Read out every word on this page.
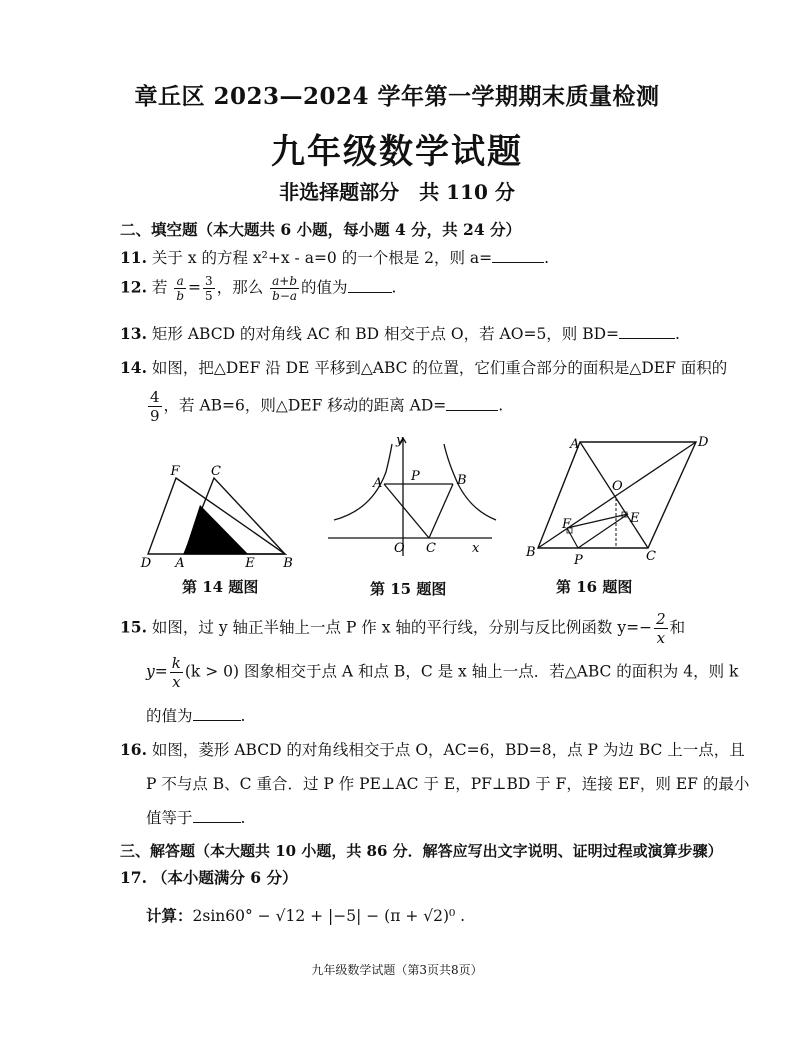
章丘区 2023—2024 学年第一学期期末质量检测
九年级数学试题
非选择题部分　共 110 分
二、填空题（本大题共 6 小题，每小题 4 分，共 24 分）
11. 关于 x 的方程 x²+x - a=0 的一个根是 2，则 a=	.
12. 若 $\frac{a}{b} = \frac{3}{5}$ ，那么 $\frac{a+b}{b-a}$ 的值为	.
13. 矩形 ABCD 的对角线 AC 和 BD 相交于点 O，若 AO=5，则 BD=	.
14. 如图，把△DEF 沿 DE 平移到△ABC 的位置，它们重合部分的面积是△DEF 面积的
$\frac{4}{9}$ ，若 AB=6，则△DEF 移动的距离 AD=	.
F C
D A	E B
第 14 题图
y
A P	B
O C	x
第 15 题图
A	D
O
E
F
B
P	C
第 16 题图
15. 如图，过 y 轴正半轴上一点 P 作 x 轴的平行线，分别与反比例函数 $y=- \frac{2}{x}$ 和
$y= \frac{k}{x} (k > 0)$ 图象相交于点 A 和点 B，C 是 x 轴上一点．若△ABC 的面积为 4，则 k
的值为	.
16. 如图，菱形 ABCD 的对角线相交于点 O，AC=6，BD=8，点 P 为边 BC 上一点，且
P 不与点 B、C 重合．过 P 作 PE⊥AC 于 E，PF⊥BD 于 F，连接 EF，则 EF 的最小
值等于	.
三、解答题（本大题共 10 小题，共 86 分．解答应写出文字说明、证明过程或演算步骤）
17. （本小题满分 6 分）
计算：2sin60° − √12 + |−5| − (π + √2)⁰ .
九年级数学试题（第3页共8页）
